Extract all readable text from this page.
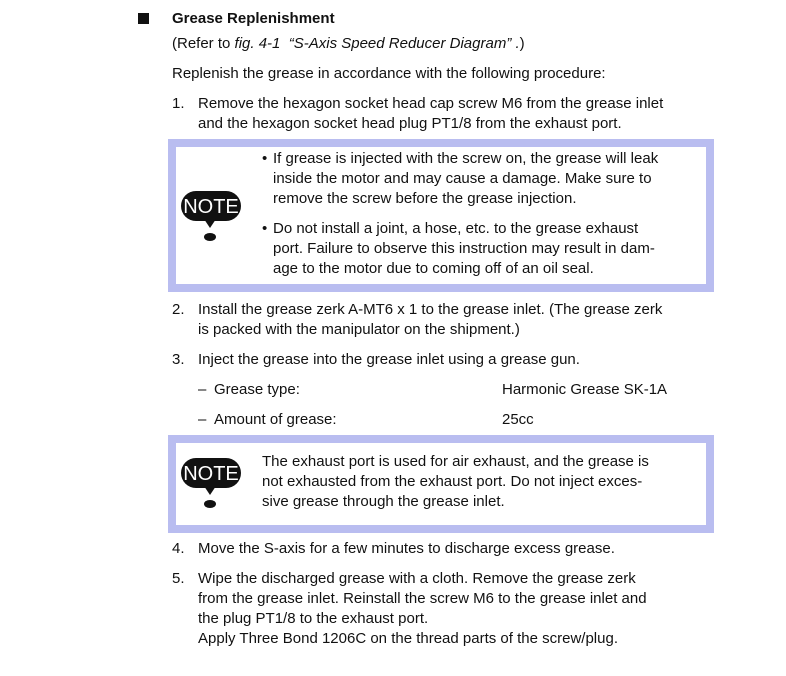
Grease Replenishment
(Refer to fig. 4-1 “S-Axis Speed Reducer Diagram” .)
Replenish the grease in accordance with the following procedure:
1. Remove the hexagon socket head cap screw M6 from the grease inlet
and the hexagon socket head plug PT1/8 from the exhaust port.
NOTE
• If grease is injected with the screw on, the grease will leak
inside the motor and may cause a damage. Make sure to
remove the screw before the grease injection.
• Do not install a joint, a hose, etc. to the grease exhaust
port. Failure to observe this instruction may result in dam-
age to the motor due to coming off of an oil seal.
2. Install the grease zerk A-MT6 x 1 to the grease inlet. (The grease zerk
is packed with the manipulator on the shipment.)
3. Inject the grease into the grease inlet using a grease gun.
– Grease type:	Harmonic Grease SK-1A
– Amount of grease:	25cc
NOTE
The exhaust port is used for air exhaust, and the grease is
not exhausted from the exhaust port. Do not inject exces-
sive grease through the grease inlet.
4. Move the S-axis for a few minutes to discharge excess grease.
5. Wipe the discharged grease with a cloth. Remove the grease zerk
from the grease inlet. Reinstall the screw M6 to the grease inlet and
the plug PT1/8 to the exhaust port.
Apply Three Bond 1206C on the thread parts of the screw/plug.
